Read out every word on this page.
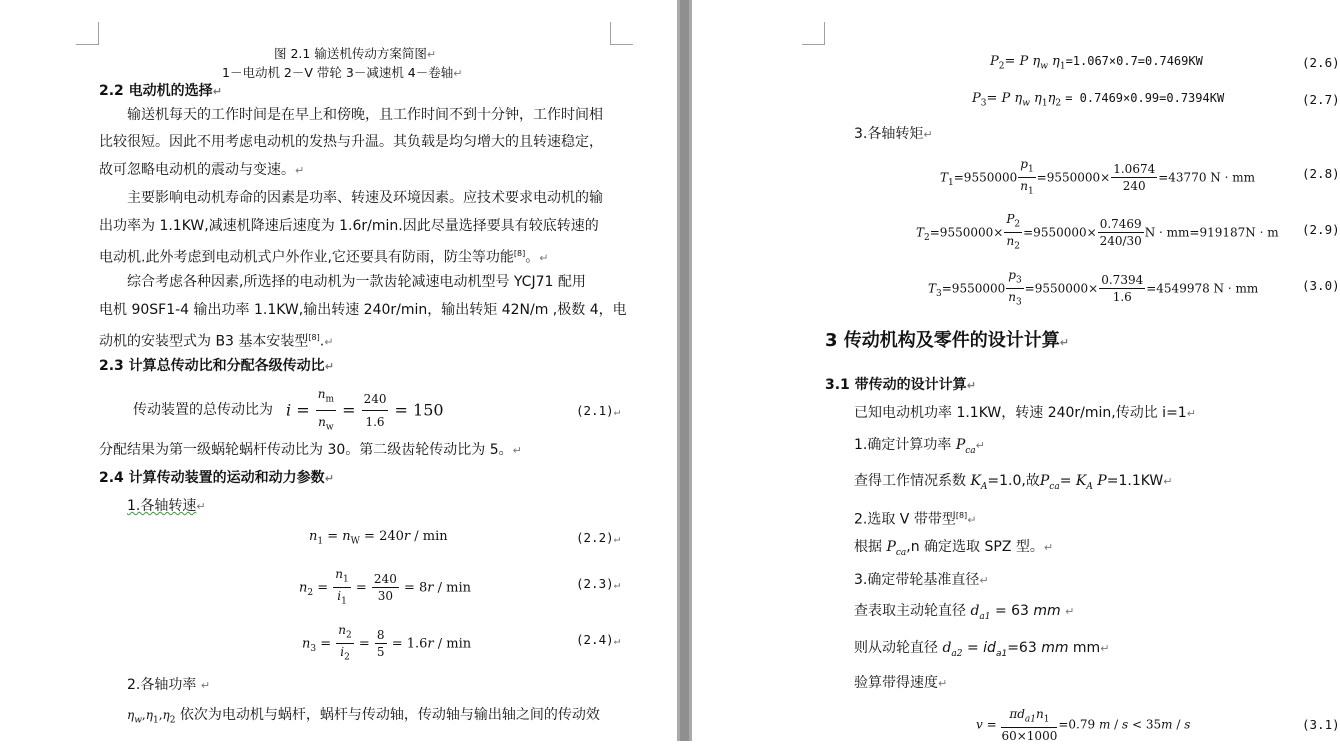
图 2.1 输送机传动方案简图↵
1－电动机 2－V 带轮 3－减速机 4－卷轴↵
2.2 电动机的选择↵
输送机每天的工作时间是在早上和傍晚，且工作时间不到十分钟，工作时间相
比较很短。因此不用考虑电动机的发热与升温。其负载是均匀增大的且转速稳定，
故可忽略电动机的震动与变速。↵
主要影响电动机寿命的因素是功率、转速及环境因素。应技术要求电动机的输
出功率为 1.1KW,减速机降速后速度为 1.6r/min.因此尽量选择要具有较底转速的
电动机.此外考虑到电动机式户外作业,它还要具有防雨，防尘等功能[8]。↵
综合考虑各种因素,所选择的电动机为一款齿轮减速电动机型号 YCJ71 配用
电机 90SF1-4 输出功率 1.1KW,输出转速 240r/min，输出转矩 42N/m ,极数 4，电
动机的安装型式为 B3 基本安装型[8].↵
2.3 计算总传动比和分配各级传动比↵
传动装置的总传动比为 $i = \frac{n_m}{n_w} = \frac{240}{1.6} = 150$	(2.1)↵
分配结果为第一级蜗轮蜗杆传动比为 30。第二级齿轮传动比为 5。↵
2.4 计算传动装置的运动和动力参数↵
1.各轴转速↵
$n_1 = n_W = 240r / \min$	(2.2)↵
$n_2 = \frac{n_1}{i_1} = \frac{240}{30} = 8r / \min$	(2.3)↵
$n_3 = \frac{n_2}{i_2} = \frac{8}{5} = 1.6r / \min$	(2.4)↵
2.各轴功率 ↵
$\eta_w,\eta_1,\eta_2$ 依次为电动机与蜗杆，蜗杆与传动轴，传动轴与输出轴之间的传动效
$P_2= P$ $\eta_w$ $\eta_1=1.067\times 0.7=0.7469KW$	(2.6)
$P_3= P$ $\eta_w$ $\eta_1\eta_2 = 0.7469\times 0.99=0.7394KW$	(2.7)
3.各轴转矩↵
$T_1=9550000 \frac{p_1}{n_1} =9550000\times \frac{1.0674}{240} =43770$ N · mm	(2.8)
$T_2=9550000\times \frac{P_2}{n_2} =9550000\times \frac{0.7469}{240/30}$ N · mm=919187N · m (2.9)
$T_3=9550000 \frac{p_3}{n_3} =9550000\times \frac{0.7394}{1.6} =4549978$ N · mm	(3.0)
3 传动机构及零件的设计计算↵
3.1 带传动的设计计算↵
已知电动机功率 1.1KW，转速 240r/min,传动比 i=1↵
1.确定计算功率 $P_{ca}↵$
查得工作情况系数 $K_A=1.0$,故$P_{ca}= K_A$ P=1.1KW↵
2.选取 V 带带型[8]↵
根据 $P_{ca},n$ 确定选取 SPZ 型。↵
3.确定带轮基准直径↵
查表取主动轮直径 $d_{a1} = 63$ mm ↵
则从动轮直径 $d_{a2} = id_{a1}=63$ mm mm↵
验算带得速度↵
$v = \frac{\pi d_{a1}n_1}{60\times 1000} =0.79$ m / s < 35m / s	(3.1)
